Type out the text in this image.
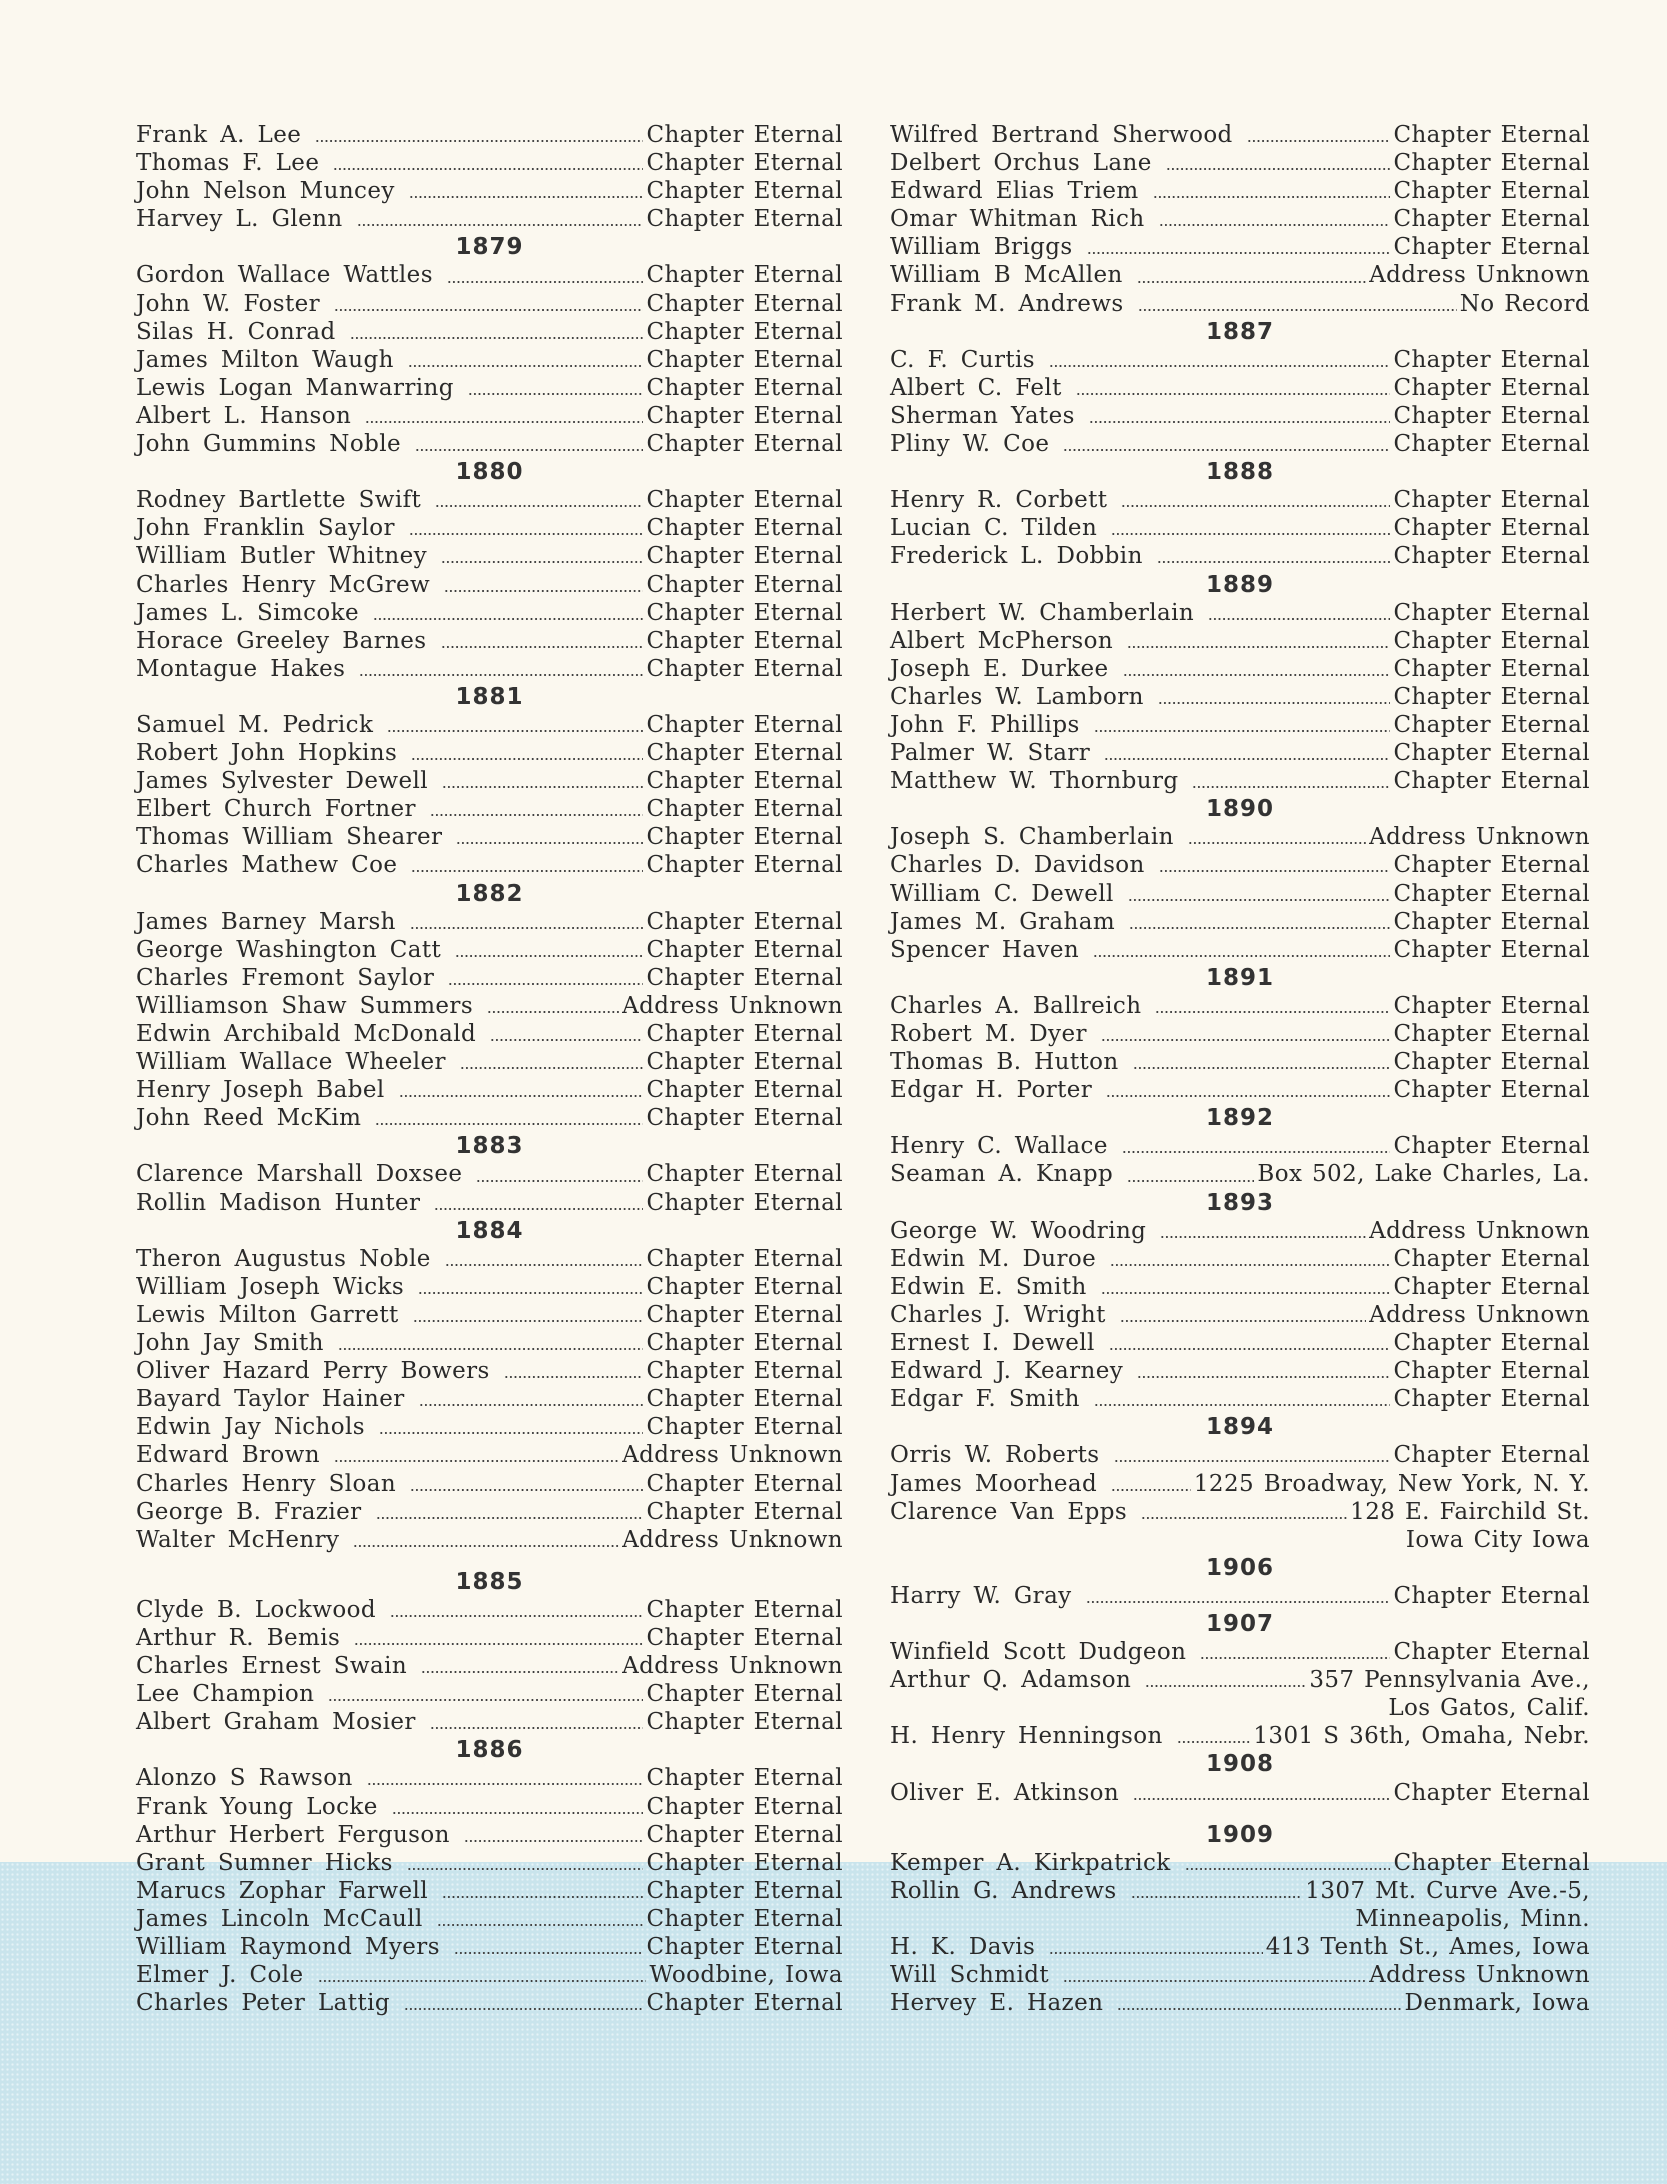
Frank A. Lee	Chapter Eternal
Thomas F. Lee	Chapter Eternal
John Nelson Muncey	Chapter Eternal
Harvey L. Glenn	Chapter Eternal
1879
Gordon Wallace Wattles	Chapter Eternal
John W. Foster	Chapter Eternal
Silas H. Conrad	Chapter Eternal
James Milton Waugh	Chapter Eternal
Lewis Logan Manwarring	Chapter Eternal
Albert L. Hanson	Chapter Eternal
John Gummins Noble	Chapter Eternal
1880
Rodney Bartlette Swift	Chapter Eternal
John Franklin Saylor	Chapter Eternal
William Butler Whitney	Chapter Eternal
Charles Henry McGrew	Chapter Eternal
James L. Simcoke	Chapter Eternal
Horace Greeley Barnes	Chapter Eternal
Montague Hakes	Chapter Eternal
1881
Samuel M. Pedrick	Chapter Eternal
Robert John Hopkins	Chapter Eternal
James Sylvester Dewell	Chapter Eternal
Elbert Church Fortner	Chapter Eternal
Thomas William Shearer	Chapter Eternal
Charles Mathew Coe	Chapter Eternal
1882
James Barney Marsh	Chapter Eternal
George Washington Catt	Chapter Eternal
Charles Fremont Saylor	Chapter Eternal
Williamson Shaw Summers	Address Unknown
Edwin Archibald McDonald	Chapter Eternal
William Wallace Wheeler	Chapter Eternal
Henry Joseph Babel	Chapter Eternal
John Reed McKim	Chapter Eternal
1883
Clarence Marshall Doxsee	Chapter Eternal
Rollin Madison Hunter	Chapter Eternal
1884
Theron Augustus Noble	Chapter Eternal
William Joseph Wicks	Chapter Eternal
Lewis Milton Garrett	Chapter Eternal
John Jay Smith	Chapter Eternal
Oliver Hazard Perry Bowers	Chapter Eternal
Bayard Taylor Hainer	Chapter Eternal
Edwin Jay Nichols	Chapter Eternal
Edward Brown	Address Unknown
Charles Henry Sloan	Chapter Eternal
George B. Frazier	Chapter Eternal
Walter McHenry	Address Unknown
1885
Clyde B. Lockwood	Chapter Eternal
Arthur R. Bemis	Chapter Eternal
Charles Ernest Swain	Address Unknown
Lee Champion	Chapter Eternal
Albert Graham Mosier	Chapter Eternal
1886
Alonzo S Rawson	Chapter Eternal
Frank Young Locke	Chapter Eternal
Arthur Herbert Ferguson	Chapter Eternal
Grant Sumner Hicks	Chapter Eternal
Marucs Zophar Farwell	Chapter Eternal
James Lincoln McCaull	Chapter Eternal
William Raymond Myers	Chapter Eternal
Elmer J. Cole	Woodbine, Iowa
Charles Peter Lattig	Chapter Eternal
Wilfred Bertrand Sherwood	Chapter Eternal
Delbert Orchus Lane	Chapter Eternal
Edward Elias Triem	Chapter Eternal
Omar Whitman Rich	Chapter Eternal
William Briggs	Chapter Eternal
William B McAllen	Address Unknown
Frank M. Andrews	No Record
1887
C. F. Curtis	Chapter Eternal
Albert C. Felt	Chapter Eternal
Sherman Yates	Chapter Eternal
Pliny W. Coe	Chapter Eternal
1888
Henry R. Corbett	Chapter Eternal
Lucian C. Tilden	Chapter Eternal
Frederick L. Dobbin	Chapter Eternal
1889
Herbert W. Chamberlain	Chapter Eternal
Albert McPherson	Chapter Eternal
Joseph E. Durkee	Chapter Eternal
Charles W. Lamborn	Chapter Eternal
John F. Phillips	Chapter Eternal
Palmer W. Starr	Chapter Eternal
Matthew W. Thornburg	Chapter Eternal
1890
Joseph S. Chamberlain	Address Unknown
Charles D. Davidson	Chapter Eternal
William C. Dewell	Chapter Eternal
James M. Graham	Chapter Eternal
Spencer Haven	Chapter Eternal
1891
Charles A. Ballreich	Chapter Eternal
Robert M. Dyer	Chapter Eternal
Thomas B. Hutton	Chapter Eternal
Edgar H. Porter	Chapter Eternal
1892
Henry C. Wallace	Chapter Eternal
Seaman A. Knapp	Box 502, Lake Charles, La.
1893
George W. Woodring	Address Unknown
Edwin M. Duroe	Chapter Eternal
Edwin E. Smith	Chapter Eternal
Charles J. Wright	Address Unknown
Ernest I. Dewell	Chapter Eternal
Edward J. Kearney	Chapter Eternal
Edgar F. Smith	Chapter Eternal
1894
Orris W. Roberts	Chapter Eternal
James Moorhead	1225 Broadway, New York, N. Y.
Clarence Van Epps	128 E. Fairchild St.
Iowa City Iowa
1906
Harry W. Gray	Chapter Eternal
1907
Winfield Scott Dudgeon	Chapter Eternal
Arthur Q. Adamson	357 Pennsylvania Ave.,
Los Gatos, Calif.
H. Henry Henningson	1301 S 36th, Omaha, Nebr.
1908
Oliver E. Atkinson	Chapter Eternal
1909
Kemper A. Kirkpatrick	Chapter Eternal
Rollin G. Andrews	1307 Mt. Curve Ave.-5,
Minneapolis, Minn.
H. K. Davis	413 Tenth St., Ames, Iowa
Will Schmidt	Address Unknown
Hervey E. Hazen	Denmark, Iowa
